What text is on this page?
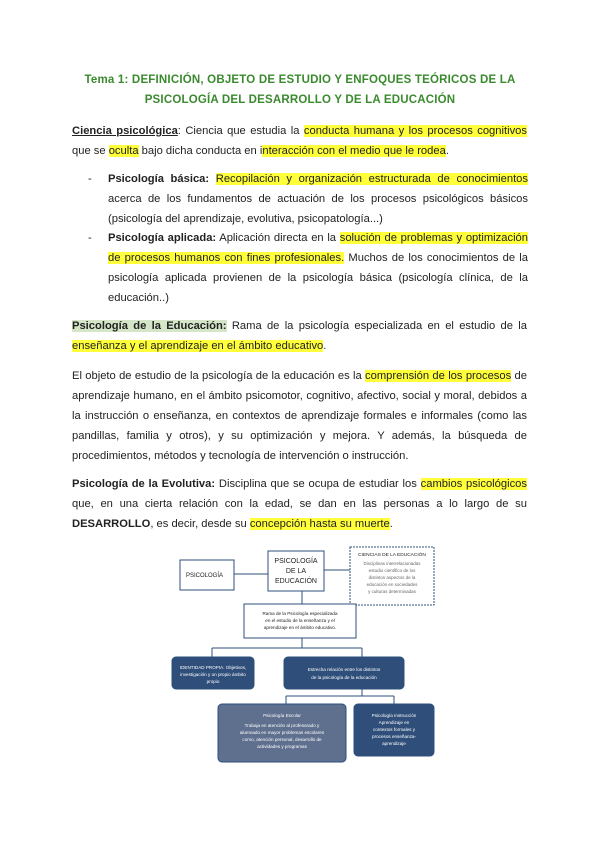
Tema 1: DEFINICIÓN, OBJETO DE ESTUDIO Y ENFOQUES TEÓRICOS DE LA
PSICOLOGÍA DEL DESARROLLO Y DE LA EDUCACIÓN
Ciencia psicológica: Ciencia que estudia la conducta humana y los procesos cognitivos que se oculta bajo dicha conducta en interacción con el medio que le rodea.
- Psicología básica: Recopilación y organización estructurada de conocimientos acerca de los fundamentos de actuación de los procesos psicológicos básicos (psicología del aprendizaje, evolutiva, psicopatología...)
- Psicología aplicada: Aplicación directa en la solución de problemas y optimización de procesos humanos con fines profesionales. Muchos de los conocimientos de la psicología aplicada provienen de la psicología básica (psicología clínica, de la educación..)
Psicología de la Educación: Rama de la psicología especializada en el estudio de la enseñanza y el aprendizaje en el ámbito educativo.
El objeto de estudio de la psicología de la educación es la comprensión de los procesos de aprendizaje humano, en el ámbito psicomotor, cognitivo, afectivo, social y moral, debidos a la instrucción o enseñanza, en contextos de aprendizaje formales e informales (como las pandillas, familia y otros), y su optimización y mejora. Y además, la búsqueda de procedimientos, métodos y tecnología de intervención o instrucción.
Psicología de la Evolutiva: Disciplina que se ocupa de estudiar los cambios psicológicos que, en una cierta relación con la edad, se dan en las personas a lo largo de su DESARROLLO, es decir, desde su concepción hasta su muerte.
PSICOLOGÍA
PSICOLOGÍA
DE LA
EDUCACIÓN
CIENCIAS DE LA EDUCACIÓN
Disciplinas interrelacionadas
estudio científico de los
distintos aspectos de la
educación en sociedades
y culturas determinadas
Rama de la Psicología especializada
en el estudio de la enseñanza y el
aprendizaje en el ámbito educativo.
IDENTIDAD PROPIA. Objetivos,
investigación y un propio ámbito
propio
Estrecha relación entre los distintos
de la psicología de la educación
Psicología Escolar
Trabaja en atención al profesorado y
alumnado en mayor problemas escolares
como, atención personal, desarrollo de
actividades y programas
Psicología Instrucción
Aprendizaje en
contextos formales y
procesos enseñanza-
aprendizaje
